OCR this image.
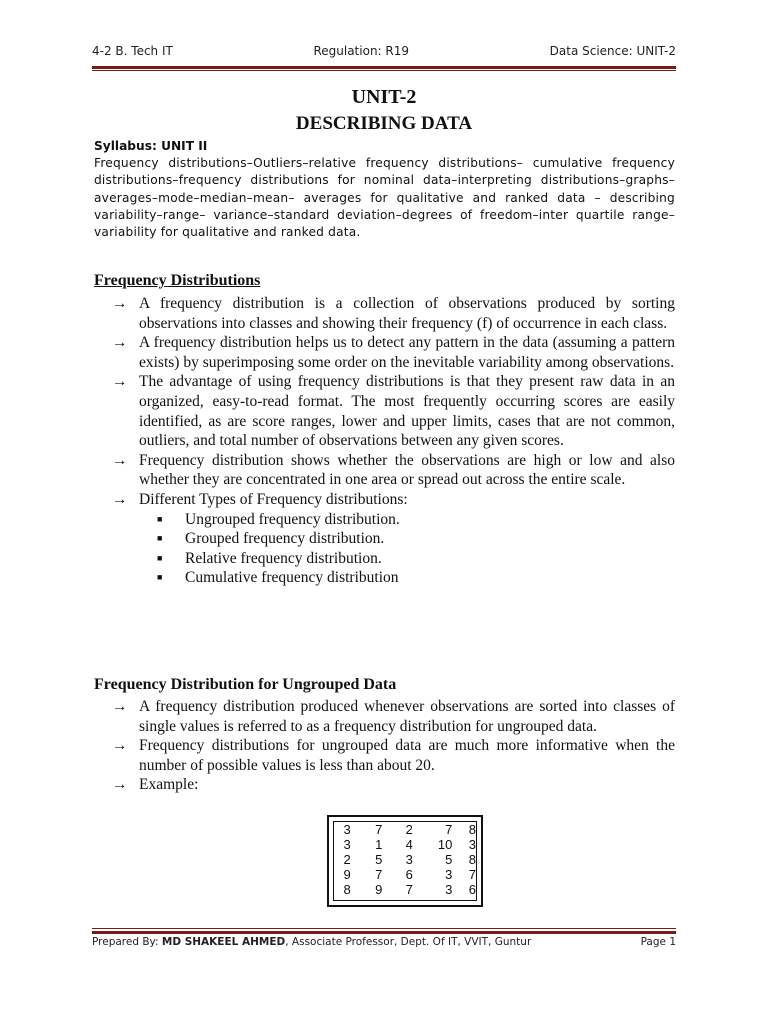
4-2 B. Tech IT	Regulation: R19	Data Science: UNIT-2
UNIT-2
DESCRIBING DATA
Syllabus: UNIT II
Frequency distributions–Outliers–relative frequency distributions– cumulative frequency distributions–frequency distributions for nominal data–interpreting distributions–graphs–averages–mode–median–mean– averages for qualitative and ranked data – describing variability–range– variance–standard deviation–degrees of freedom–inter quartile range– variability for qualitative and ranked data.
Frequency Distributions
→ A frequency distribution is a collection of observations produced by sorting observations into classes and showing their frequency (f) of occurrence in each class.
→ A frequency distribution helps us to detect any pattern in the data (assuming a pattern exists) by superimposing some order on the inevitable variability among observations.
→ The advantage of using frequency distributions is that they present raw data in an organized, easy-to-read format. The most frequently occurring scores are easily identified, as are score ranges, lower and upper limits, cases that are not common, outliers, and total number of observations between any given scores.
→ Frequency distribution shows whether the observations are high or low and also whether they are concentrated in one area or spread out across the entire scale.
→ Different Types of Frequency distributions:
■	Ungrouped frequency distribution.
■	Grouped frequency distribution.
■	Relative frequency distribution.
■	Cumulative frequency distribution
Frequency Distribution for Ungrouped Data
→ A frequency distribution produced whenever observations are sorted into classes of single values is referred to as a frequency distribution for ungrouped data.
→ Frequency distributions for ungrouped data are much more informative when the number of possible values is less than about 20.
→ Example:
3	7	2	7	8
3	1	4	10	3
2	5	3	5	8
9	7	6	3	7
8	9	7	3	6
Prepared By: MD SHAKEEL AHMED, Associate Professor, Dept. Of IT, VVIT, Guntur	Page 1
